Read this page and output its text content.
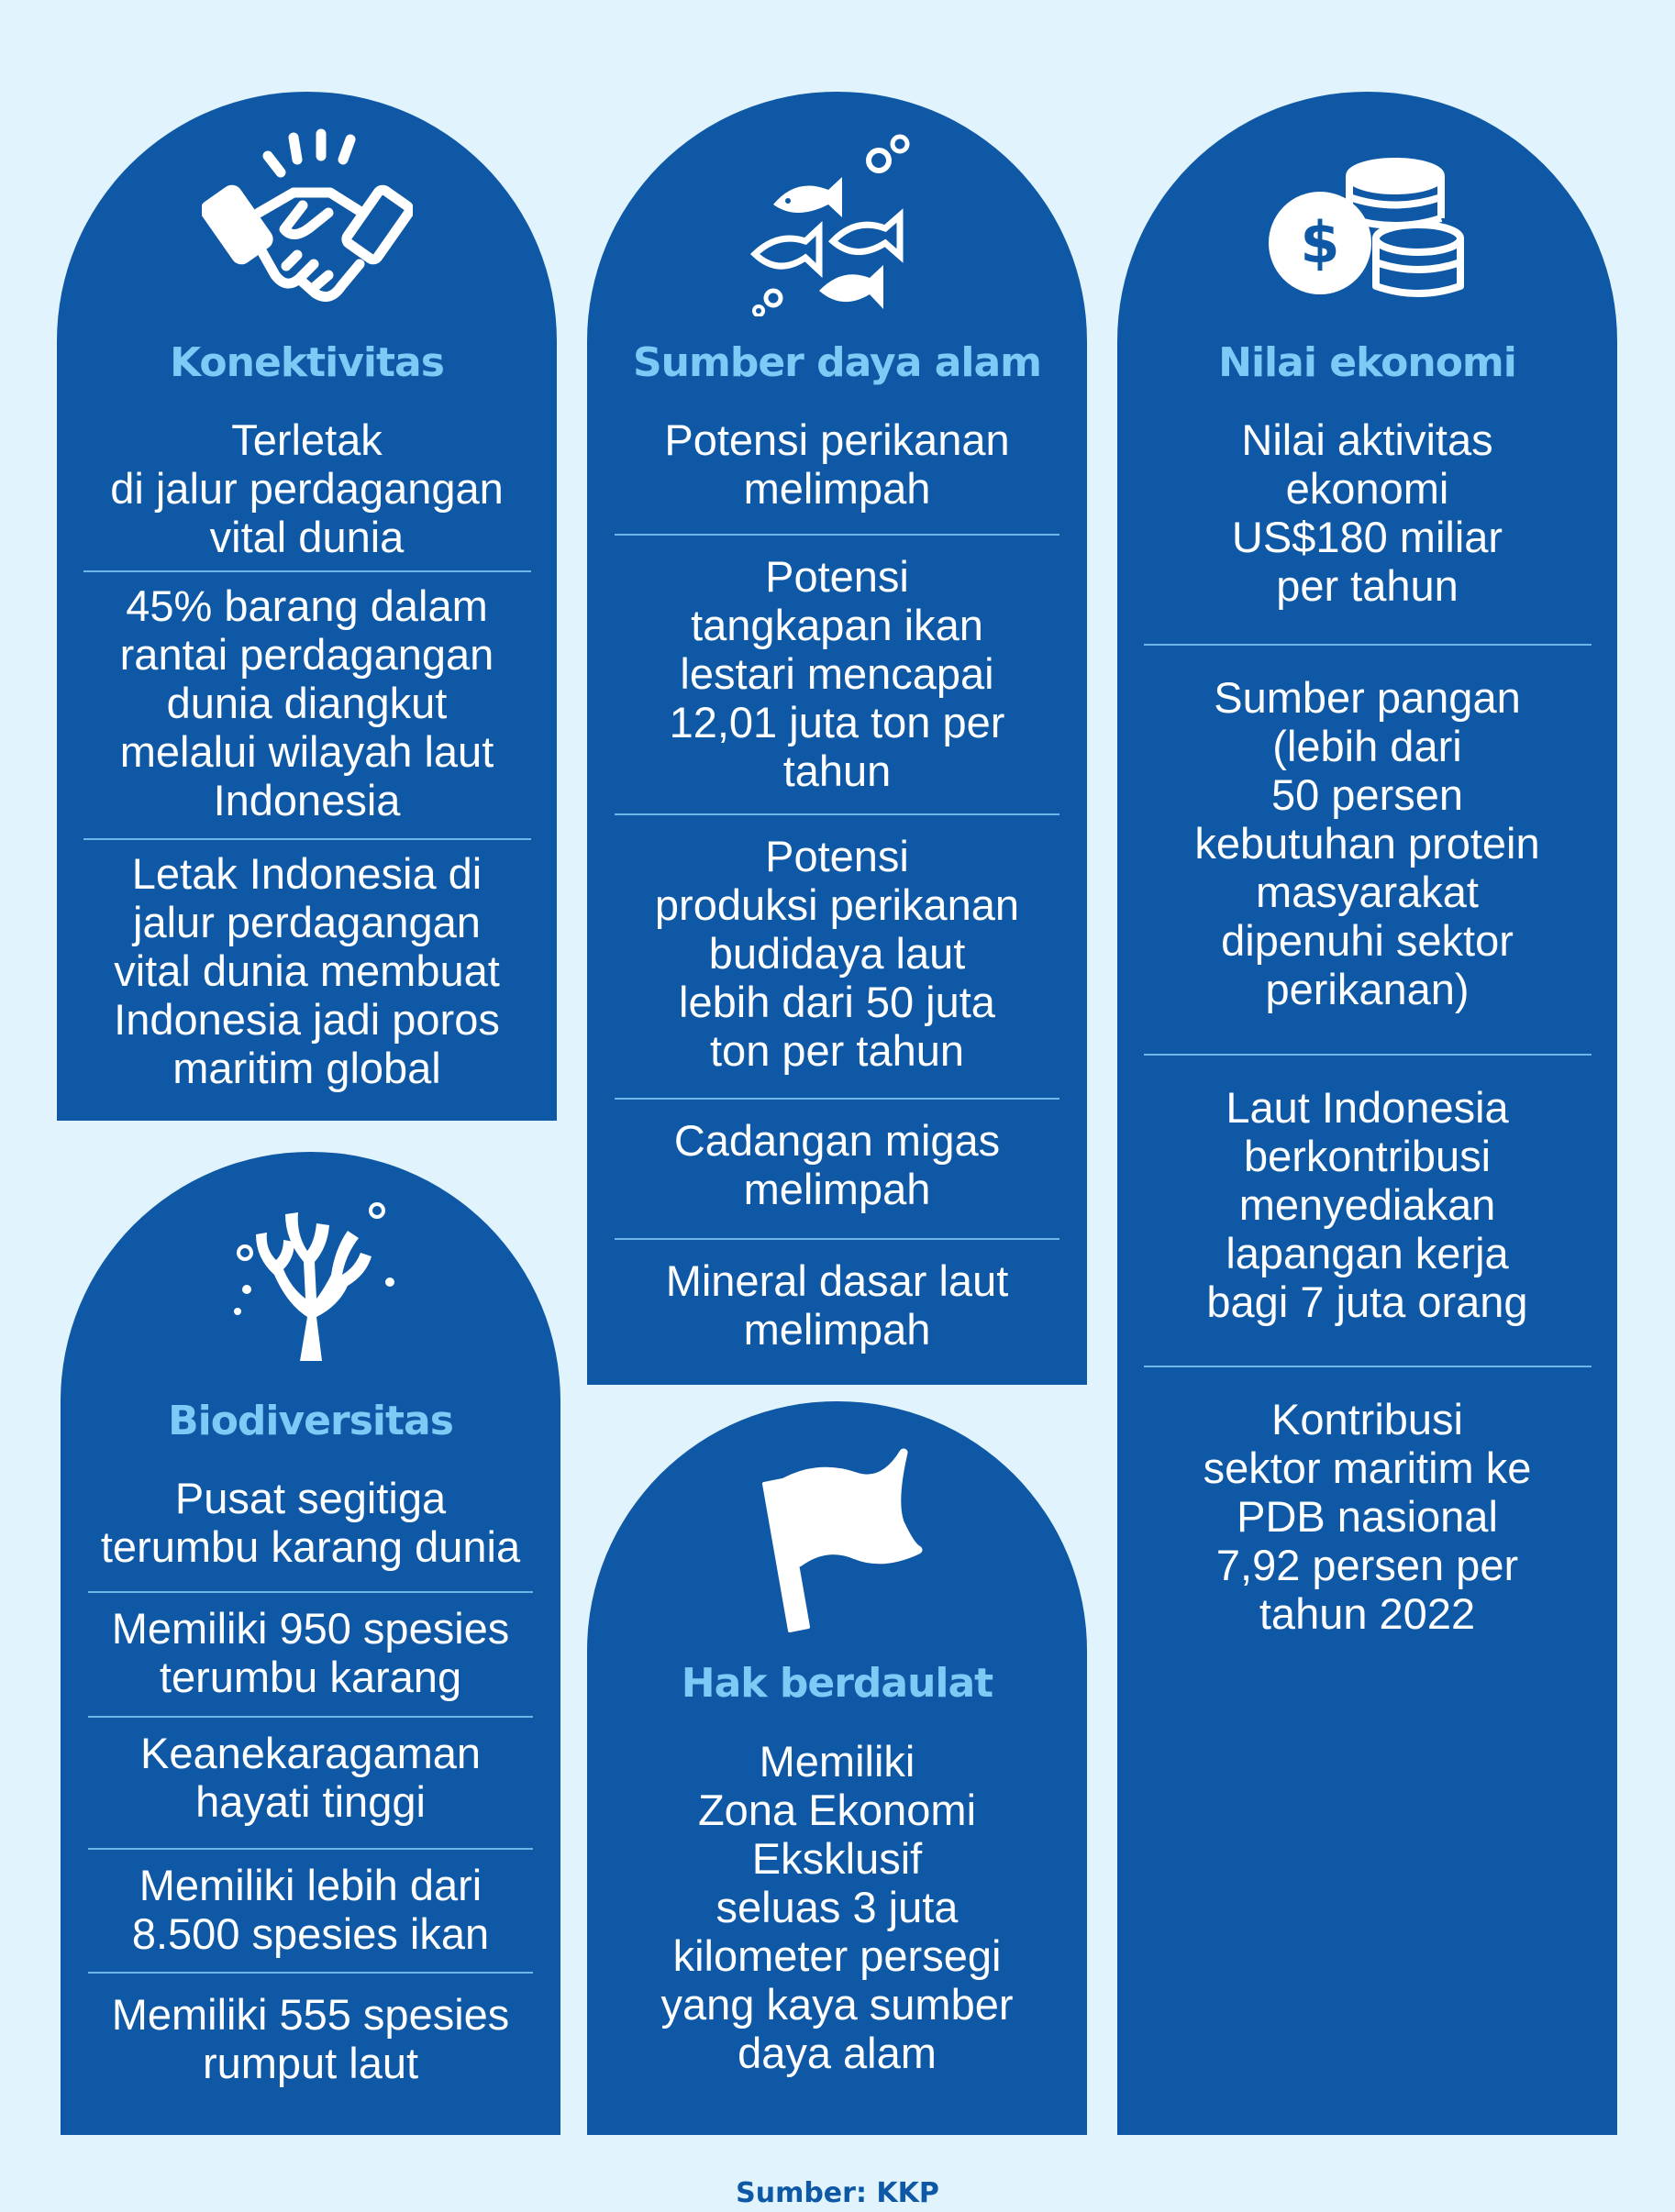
Konektivitas
Terletak
di jalur perdagangan
vital dunia
45% barang dalam
rantai perdagangan
dunia diangkut
melalui wilayah laut
Indonesia
Letak Indonesia di
jalur perdagangan
vital dunia membuat
Indonesia jadi poros
maritim global
Sumber daya alam
Potensi perikanan
melimpah
Potensi
tangkapan ikan
lestari mencapai
12,01 juta ton per
tahun
Potensi
produksi perikanan
budidaya laut
lebih dari 50 juta
ton per tahun
Cadangan migas
melimpah
Mineral dasar laut
melimpah
$
Nilai ekonomi
Nilai aktivitas
ekonomi
US$180 miliar
per tahun
Sumber pangan
(lebih dari
50 persen
kebutuhan protein
masyarakat
dipenuhi sektor
perikanan)
Laut Indonesia
berkontribusi
menyediakan
lapangan kerja
bagi 7 juta orang
Kontribusi
sektor maritim ke
PDB nasional
7,92 persen per
tahun 2022
Biodiversitas
Pusat segitiga
terumbu karang dunia
Memiliki 950 spesies
terumbu karang
Keanekaragaman
hayati tinggi
Memiliki lebih dari
8.500 spesies ikan
Memiliki 555 spesies
rumput laut
Hak berdaulat
Memiliki
Zona Ekonomi
Eksklusif
seluas 3 juta
kilometer persegi
yang kaya sumber
daya alam
Sumber: KKP
